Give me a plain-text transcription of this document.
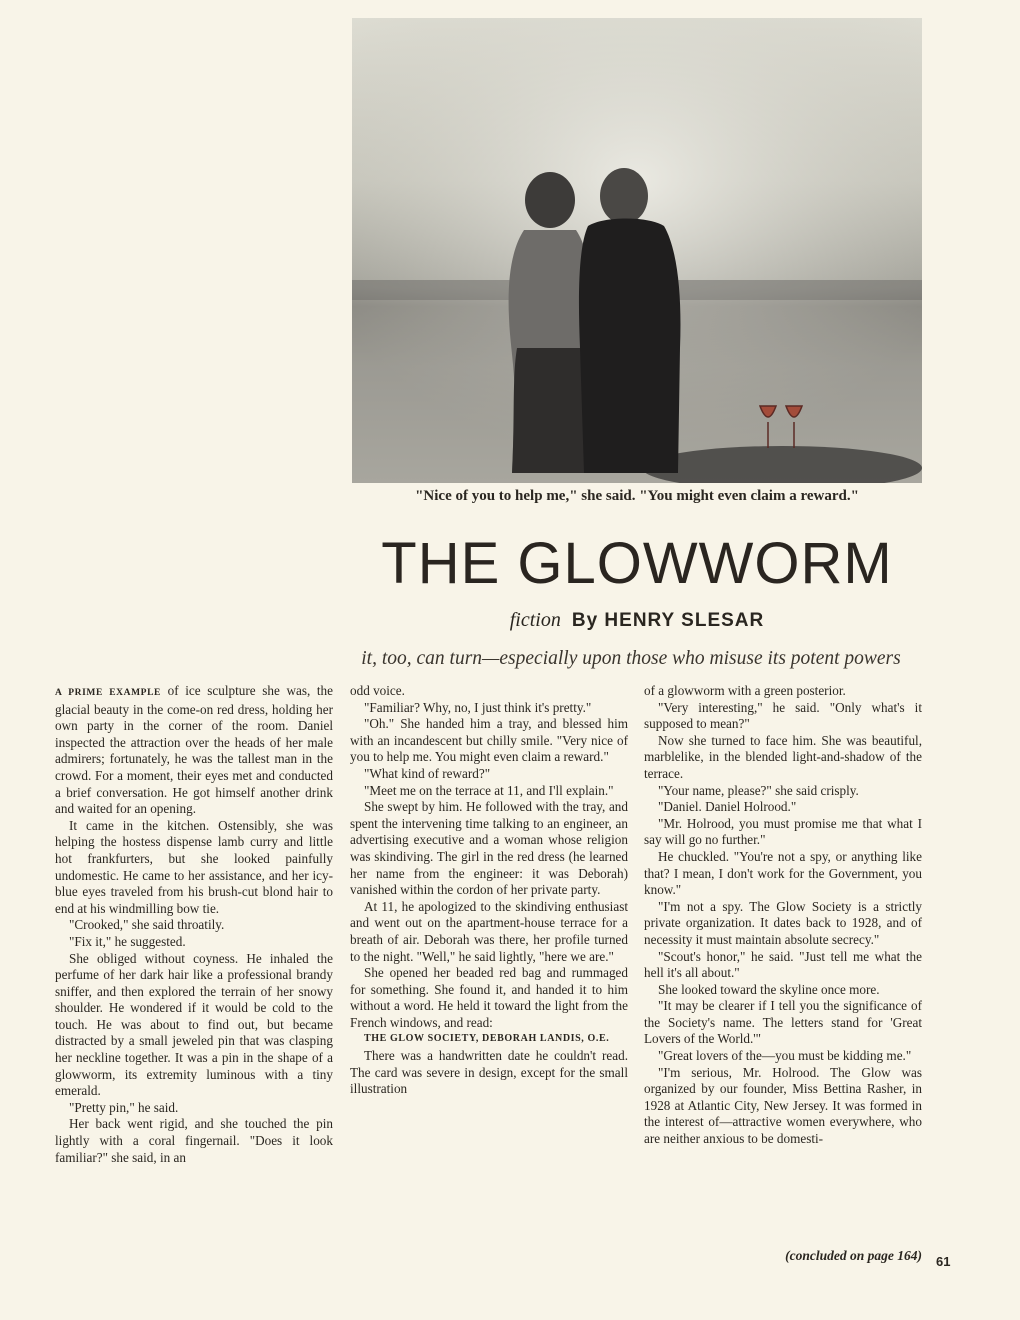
"Nice of you to help me," she said. "You might even claim a reward."
THE GLOWWORM
fiction By HENRY SLESAR
it, too, can turn—especially upon those who misuse its potent powers

A PRIME EXAMPLE of ice sculpture she was, the glacial beauty in the come-on red dress, holding her own party in the corner of the room. Daniel inspected the attraction over the heads of her male admirers; fortunately, he was the tallest man in the crowd. For a moment, their eyes met and conducted a brief conversation. He got himself another drink and waited for an opening.

It came in the kitchen. Ostensibly, she was helping the hostess dispense lamb curry and little hot frankfurters, but she looked painfully undomestic. He came to her assistance, and her icy-blue eyes traveled from his brush-cut blond hair to end at his windmilling bow tie.

"Crooked," she said throatily.

"Fix it," he suggested.

She obliged without coyness. He inhaled the perfume of her dark hair like a professional brandy sniffer, and then explored the terrain of her snowy shoulder. He wondered if it would be cold to the touch. He was about to find out, but became distracted by a small jeweled pin that was clasping her neckline together. It was a pin in the shape of a glowworm, its extremity luminous with a tiny emerald.

"Pretty pin," he said.

Her back went rigid, and she touched the pin lightly with a coral fingernail. "Does it look familiar?" she said, in an

odd voice.

"Familiar? Why, no, I just think it's pretty."

"Oh." She handed him a tray, and blessed him with an incandescent but chilly smile. "Very nice of you to help me. You might even claim a reward."

"What kind of reward?"

"Meet me on the terrace at 11, and I'll explain."

She swept by him. He followed with the tray, and spent the intervening time talking to an engineer, an advertising executive and a woman whose religion was skindiving. The girl in the red dress (he learned her name from the engineer: it was Deborah) vanished within the cordon of her private party.

At 11, he apologized to the skindiving enthusiast and went out on the apartment-house terrace for a breath of air. Deborah was there, her profile turned to the night. "Well," he said lightly, "here we are."

She opened her beaded red bag and rummaged for something. She found it, and handed it to him without a word. He held it toward the light from the French windows, and read:

THE GLOW SOCIETY, DEBORAH LANDIS, O.E.

There was a handwritten date he couldn't read. The card was severe in design, except for the small illustration

of a glowworm with a green posterior.

"Very interesting," he said. "Only what's it supposed to mean?"

Now she turned to face him. She was beautiful, marblelike, in the blended light-and-shadow of the terrace.

"Your name, please?" she said crisply.

"Daniel. Daniel Holrood."

"Mr. Holrood, you must promise me that what I say will go no further."

He chuckled. "You're not a spy, or anything like that? I mean, I don't work for the Government, you know."

"I'm not a spy. The Glow Society is a strictly private organization. It dates back to 1928, and of necessity it must maintain absolute secrecy."

"Scout's honor," he said. "Just tell me what the hell it's all about."

She looked toward the skyline once more.

"It may be clearer if I tell you the significance of the Society's name. The letters stand for 'Great Lovers of the World.'"

"Great lovers of the—you must be kidding me."

"I'm serious, Mr. Holrood. The Glow was organized by our founder, Miss Bettina Rasher, in 1928 at Atlantic City, New Jersey. It was formed in the interest of—attractive women everywhere, who are neither anxious to be domesti-

(concluded on page 164) 61
